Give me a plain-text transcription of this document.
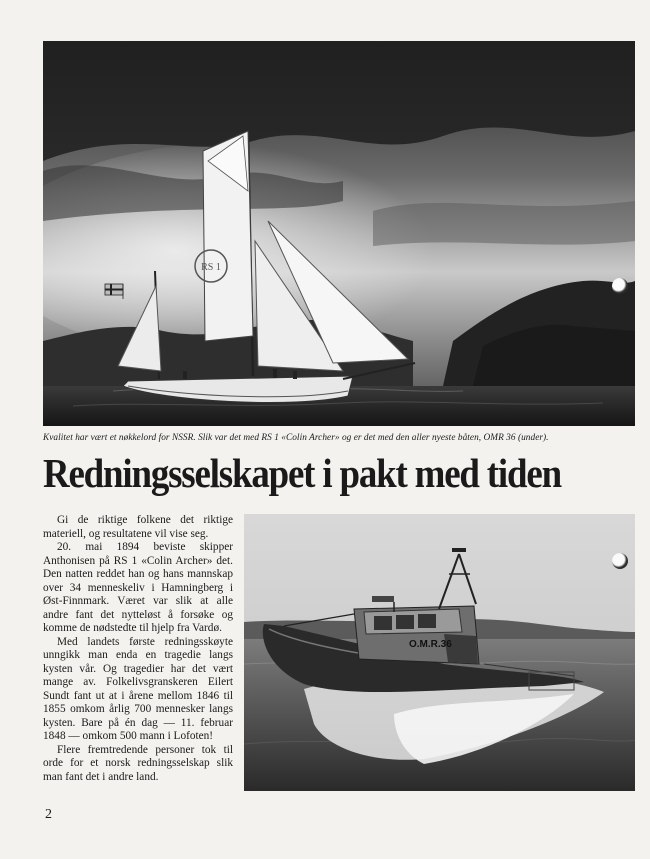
RS 1
Kvalitet har vært et nøkkelord for NSSR. Slik var det med RS 1 «Colin Archer» og er det med den aller nyeste båten, OMR 36 (under).
Redningsselskapet i pakt med tiden

Gi de riktige folkene det riktige materiell, og resultatene vil vise seg.

20. mai 1894 beviste skipper Anthonisen på RS 1 «Colin Archer» det. Den natten reddet han og hans mannskap over 34 menneskeliv i Hamningberg i Øst-Finnmark. Været var slik at alle andre fant det nytteløst å forsøke og komme de nødstedte til hjelp fra Vardø.

Med landets første redningsskøyte unngikk man enda en tragedie langs kysten vår. Og tragedier har det vært mange av. Folkelivsgranskeren Eilert Sundt fant ut at i årene mellom 1846 til 1855 omkom årlig 700 mennesker langs kysten. Bare på én dag — 11. februar 1848 — omkom 500 mann i Lofoten!

Flere fremtredende personer tok til orde for et norsk redningsselskap slik man fant det i andre land.

O.M.R.36
2
